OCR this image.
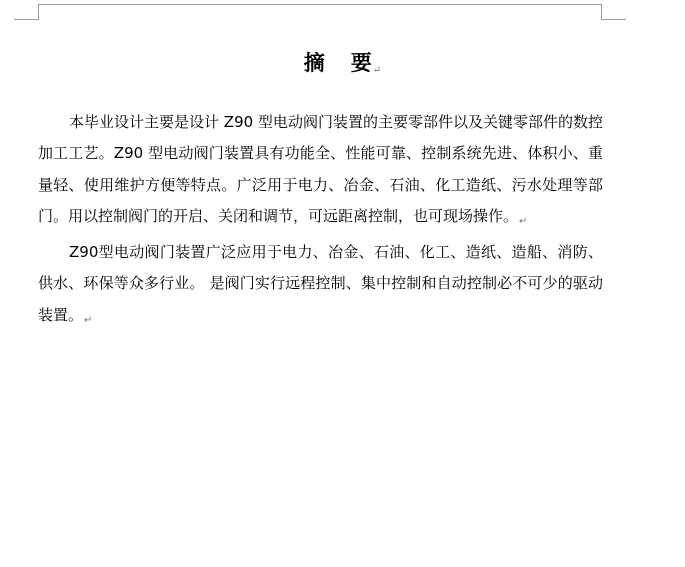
摘 要↵

本毕业设计主要是设计 Z90 型电动阀门装置的主要零部件以及关键零部件的数控加工工艺。Z90 型电动阀门装置具有功能全、性能可靠、控制系统先进、体积小、重量轻、使用维护方便等特点。广泛用于电力、冶金、石油、化工造纸、污水处理等部门。用以控制阀门的开启、关闭和调节，可远距离控制，也可现场操作。$_↵$

Z90型电动阀门装置广泛应用于电力、冶金、石油、化工、造纸、造船、消防、供水、环保等众多行业。 是阀门实行远程控制、集中控制和自动控制必不可少的驱动装置。$_↵$
